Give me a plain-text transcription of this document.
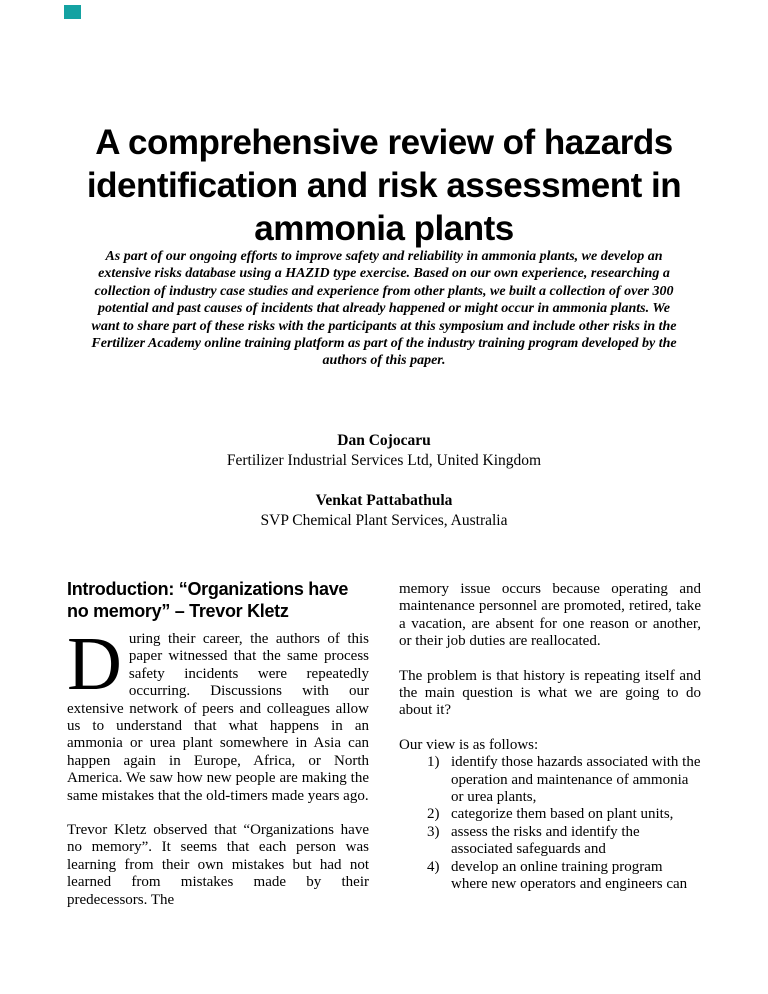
A comprehensive review of hazards
identification and risk assessment in
ammonia plants
As part of our ongoing efforts to improve safety and reliability in ammonia plants, we develop an
extensive risks database using a HAZID type exercise. Based on our own experience, researching a
collection of industry case studies and experience from other plants, we built a collection of over 300
potential and past causes of incidents that already happened or might occur in ammonia plants. We
want to share part of these risks with the participants at this symposium and include other risks in the
Fertilizer Academy online training platform as part of the industry training program developed by the
authors of this paper.
Dan Cojocaru
Fertilizer Industrial Services Ltd, United Kingdom
Venkat Pattabathula
SVP Chemical Plant Services, Australia
Introduction: “Organizations have
no memory” – Trevor Kletz

During their career, the authors of this paper witnessed that the same process safety incidents were repeatedly occurring. Discussions with our extensive network of peers and colleagues allow us to understand that what happens in an ammonia or urea plant somewhere in Asia can happen again in Europe, Africa, or North America. We saw how new people are making the same mistakes that the old-timers made years ago.

Trevor Kletz observed that “Organizations have no memory”. It seems that each person was learning from their own mistakes but had not learned from mistakes made by their predecessors. The

memory issue occurs because operating and maintenance personnel are promoted, retired, take a vacation, are absent for one reason or another, or their job duties are reallocated.

The problem is that history is repeating itself and the main question is what we are going to do about it?

Our view is as follows:

1) identify those hazards associated with the operation and maintenance of ammonia or urea plants,
2) categorize them based on plant units,
3) assess the risks and identify the associated safeguards and
4) develop an online training program where new operators and engineers can
